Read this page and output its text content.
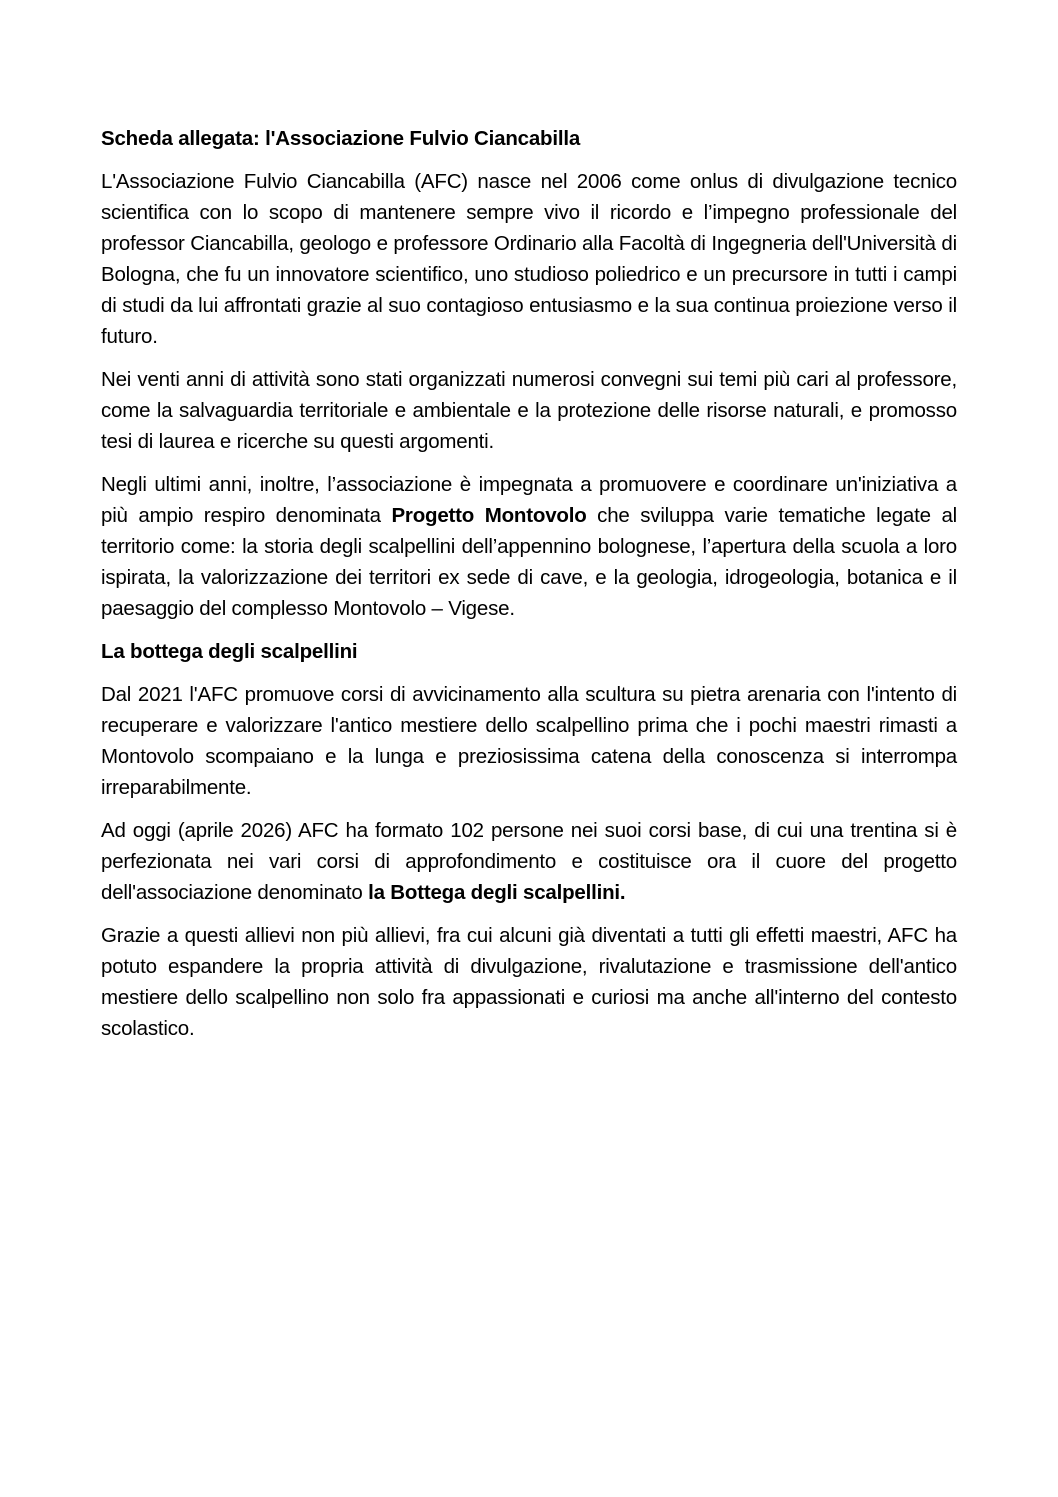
Scheda allegata: l'Associazione Fulvio Ciancabilla

L'Associazione Fulvio Ciancabilla (AFC) nasce nel 2006 come onlus di divulgazione tecnico scientifica con lo scopo di mantenere sempre vivo il ricordo e l’impegno professionale del professor Ciancabilla, geologo e professore Ordinario alla Facoltà di Ingegneria dell'Università di Bologna, che fu un innovatore scientifico, uno studioso poliedrico e un precursore in tutti i campi di studi da lui affrontati grazie al suo contagioso entusiasmo e la sua continua proiezione verso il futuro.

Nei venti anni di attività sono stati organizzati numerosi convegni sui temi più cari al professore, come la salvaguardia territoriale e ambientale e la protezione delle risorse naturali, e promosso tesi di laurea e ricerche su questi argomenti.

Negli ultimi anni, inoltre, l’associazione è impegnata a promuovere e coordinare un'iniziativa a più ampio respiro denominata Progetto Montovolo che sviluppa varie tematiche legate al territorio come: la storia degli scalpellini dell’appennino bolognese, l’apertura della scuola a loro ispirata, la valorizzazione dei territori ex sede di cave, e la geologia, idrogeologia, botanica e il paesaggio del complesso Montovolo – Vigese.

La bottega degli scalpellini

Dal 2021 l'AFC promuove corsi di avvicinamento alla scultura su pietra arenaria con l'intento di recuperare e valorizzare l'antico mestiere dello scalpellino prima che i pochi maestri rimasti a Montovolo scompaiano e la lunga e preziosissima catena della conoscenza si interrompa irreparabilmente.

Ad oggi (aprile 2026) AFC ha formato 102 persone nei suoi corsi base, di cui una trentina si è perfezionata nei vari corsi di approfondimento e costituisce ora il cuore del progetto dell'associazione denominato la Bottega degli scalpellini.

Grazie a questi allievi non più allievi, fra cui alcuni già diventati a tutti gli effetti maestri, AFC ha potuto espandere la propria attività di divulgazione, rivalutazione e trasmissione dell'antico mestiere dello scalpellino non solo fra appassionati e curiosi ma anche all'interno del contesto scolastico.
